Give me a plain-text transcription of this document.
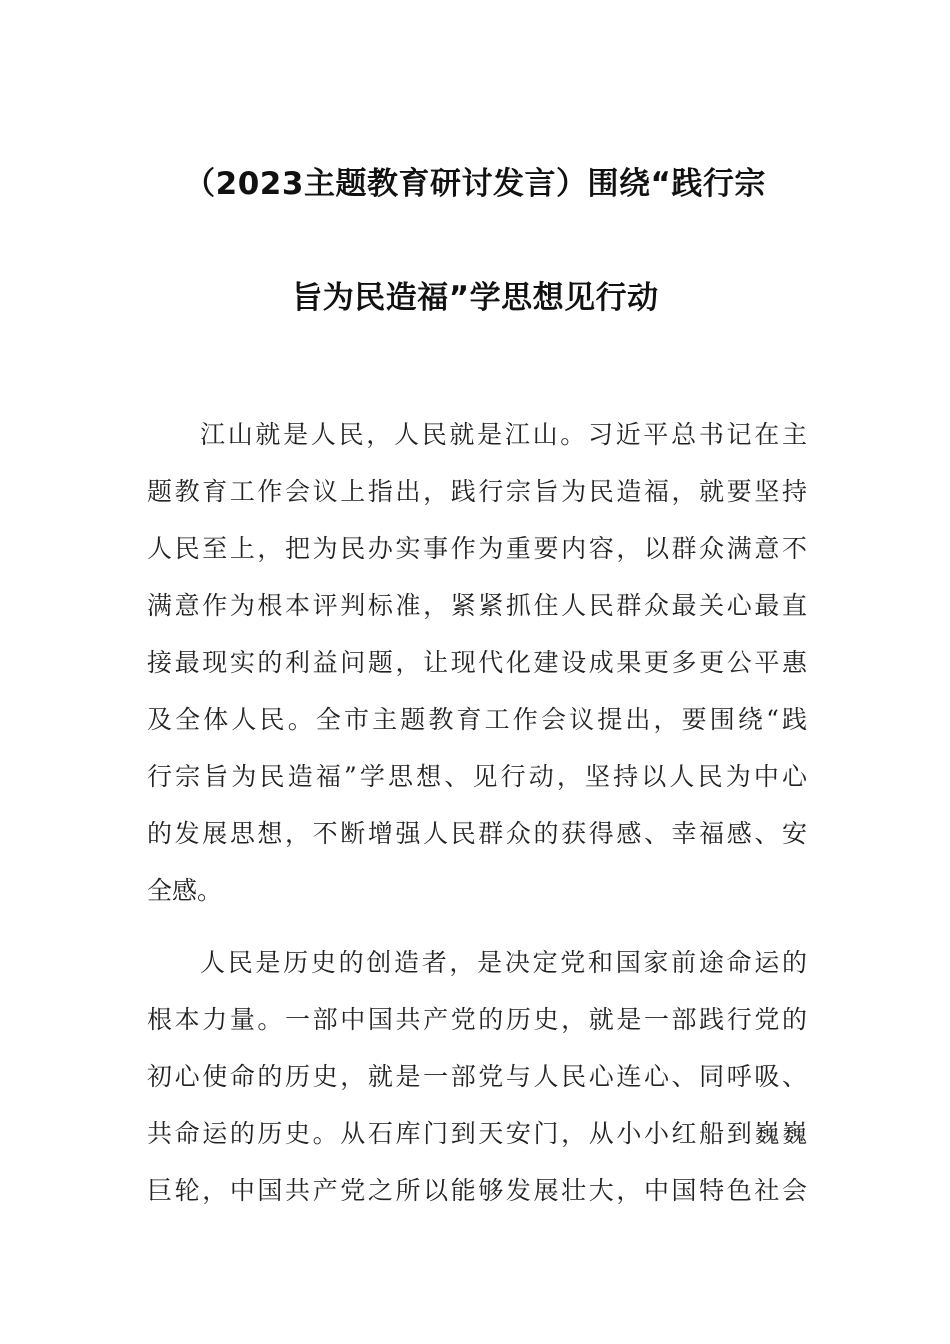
（2023主题教育研讨发言）围绕“践行宗
旨为民造福”学思想见行动
江山就是人民，人民就是江山。习近平总书记在主
题教育工作会议上指出，践行宗旨为民造福，就要坚持
人民至上，把为民办实事作为重要内容，以群众满意不
满意作为根本评判标准，紧紧抓住人民群众最关心最直
接最现实的利益问题，让现代化建设成果更多更公平惠
及全体人民。全市主题教育工作会议提出，要围绕“践
行宗旨为民造福”学思想、见行动，坚持以人民为中心
的发展思想，不断增强人民群众的获得感、幸福感、安
全感。
人民是历史的创造者，是决定党和国家前途命运的
根本力量。一部中国共产党的历史，就是一部践行党的
初心使命的历史，就是一部党与人民心连心、同呼吸、
共命运的历史。从石库门到天安门，从小小红船到巍巍
巨轮，中国共产党之所以能够发展壮大，中国特色社会
